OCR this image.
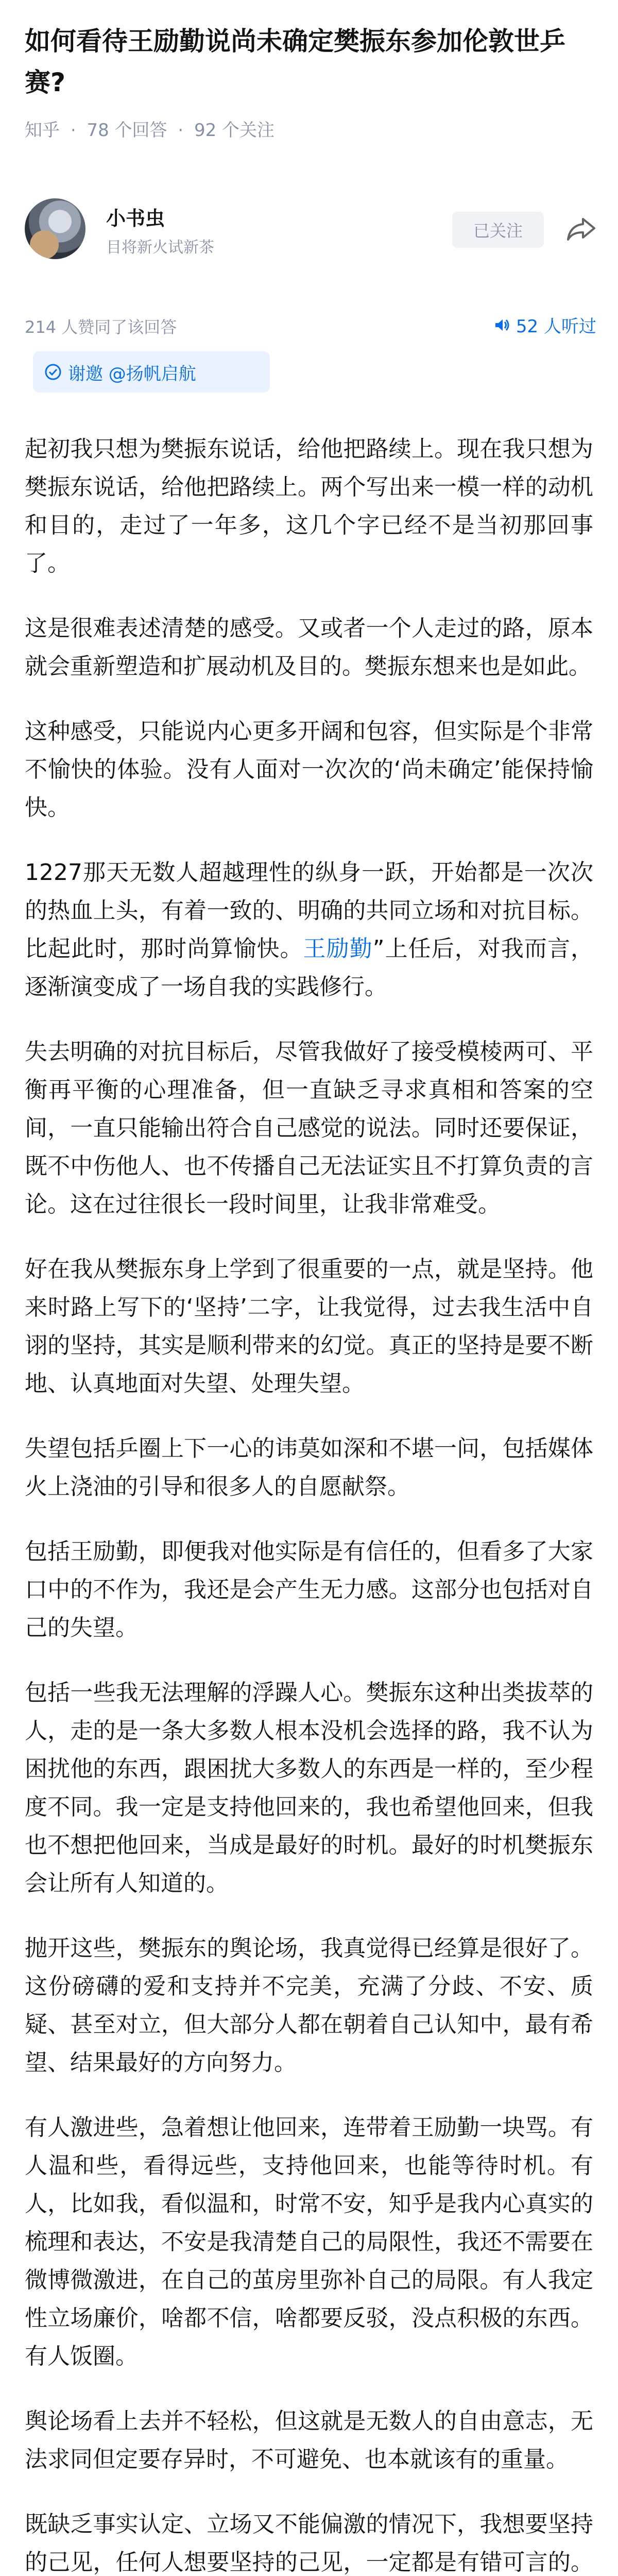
如何看待王励勤说尚未确定樊振东参加伦敦世乒赛?
知乎 · 78 个回答 · 92 个关注
小书虫
目将新火试新茶
已关注
214 人赞同了该回答	52 人听过
谢邀 @扬帆启航

起初我只想为樊振东说话，给他把路续上。现在我只想为樊振东说话，给他把路续上。两个写出来一模一样的动机和目的，走过了一年多，这几个字已经不是当初那回事了。

这是很难表述清楚的感受。又或者一个人走过的路，原本就会重新塑造和扩展动机及目的。樊振东想来也是如此。

这种感受，只能说内心更多开阔和包容，但实际是个非常不愉快的体验。没有人面对一次次的‘尚未确定’能保持愉快。

1227那天无数人超越理性的纵身一跃，开始都是一次次的热血上头，有着一致的、明确的共同立场和对抗目标。比起此时，那时尚算愉快。王励勤”上任后，对我而言，逐渐演变成了一场自我的实践修行。

失去明确的对抗目标后，尽管我做好了接受模棱两可、平衡再平衡的心理准备，但一直缺乏寻求真相和答案的空间，一直只能输出符合自己感觉的说法。同时还要保证，既不中伤他人、也不传播自己无法证实且不打算负责的言论。这在过往很长一段时间里，让我非常难受。

好在我从樊振东身上学到了很重要的一点，就是坚持。他来时路上写下的‘坚持’二字，让我觉得，过去我生活中自诩的坚持，其实是顺利带来的幻觉。真正的坚持是要不断地、认真地面对失望、处理失望。

失望包括乒圈上下一心的讳莫如深和不堪一问，包括媒体火上浇油的引导和很多人的自愿献祭。

包括王励勤，即便我对他实际是有信任的，但看多了大家口中的不作为，我还是会产生无力感。这部分也包括对自己的失望。

包括一些我无法理解的浮躁人心。樊振东这种出类拔萃的人，走的是一条大多数人根本没机会选择的路，我不认为困扰他的东西，跟困扰大多数人的东西是一样的，至少程度不同。我一定是支持他回来的，我也希望他回来，但我也不想把他回来，当成是最好的时机。最好的时机樊振东会让所有人知道的。

抛开这些，樊振东的舆论场，我真觉得已经算是很好了。这份磅礴的爱和支持并不完美，充满了分歧、不安、质疑、甚至对立，但大部分人都在朝着自己认知中，最有希望、结果最好的方向努力。

有人激进些，急着想让他回来，连带着王励勤一块骂。有人温和些，看得远些，支持他回来，也能等待时机。有人，比如我，看似温和，时常不安，知乎是我内心真实的梳理和表达，不安是我清楚自己的局限性，我还不需要在微博微激进，在自己的茧房里弥补自己的局限。有人我定性立场廉价，啥都不信，啥都要反驳，没点积极的东西。有人饭圈。

舆论场看上去并不轻松，但这就是无数人的自由意志，无法求同但定要存异时，不可避免、也本就该有的重量。

既缺乏事实认定、立场又不能偏激的情况下，我想要坚持的己见，任何人想要坚持的己见，一定都是有错可言的。
